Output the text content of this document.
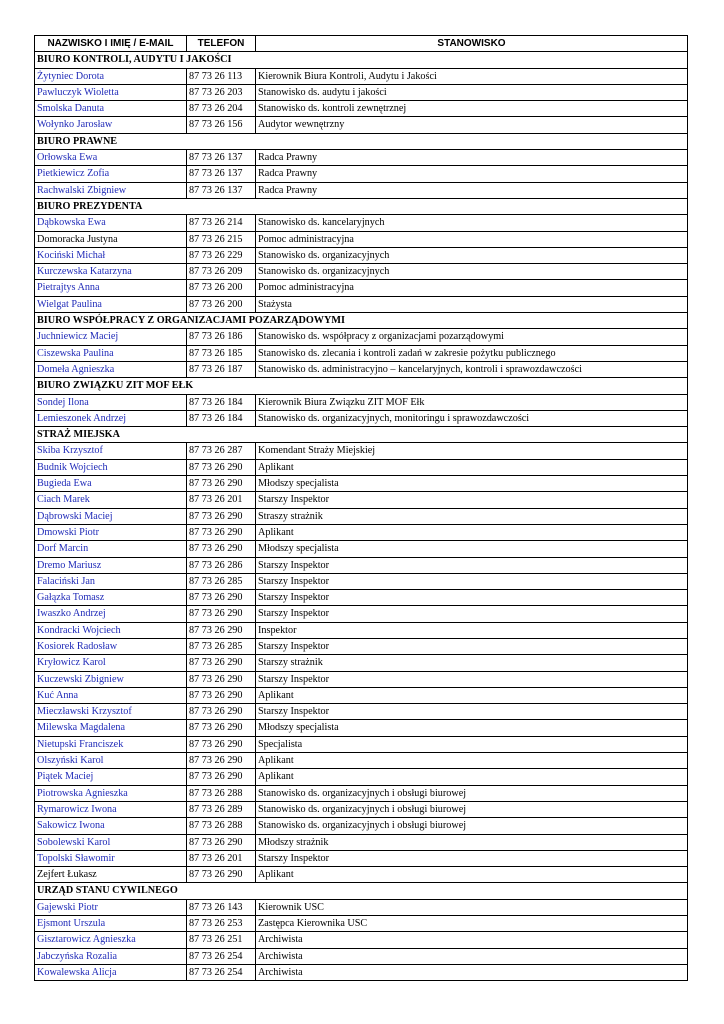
NAZWISKO I IMIĘ / E-MAIL	TELEFON	STANOWISKO
BIURO KONTROLI, AUDYTU I JAKOŚCI		
Żytyniec Dorota	87 73 26 113	Kierownik Biura Kontroli, Audytu i Jakości
Pawluczyk Wioletta	87 73 26 203	Stanowisko ds. audytu i jakości
Smolska Danuta	87 73 26 204	Stanowisko ds. kontroli zewnętrznej
Wołynko Jarosław	87 73 26 156	Audytor wewnętrzny
BIURO PRAWNE		
Orłowska Ewa	87 73 26 137	Radca Prawny
Pietkiewicz Zofia	87 73 26 137	Radca Prawny
Rachwalski Zbigniew	87 73 26 137	Radca Prawny
BIURO PREZYDENTA		
Dąbkowska Ewa	87 73 26 214	Stanowisko ds. kancelaryjnych
Domoracka Justyna	87 73 26 215	Pomoc administracyjna
Kociński Michał	87 73 26 229	Stanowisko ds. organizacyjnych
Kurczewska Katarzyna	87 73 26 209	Stanowisko ds. organizacyjnych
Pietrajtys Anna	87 73 26 200	Pomoc administracyjna
Wielgat Paulina	87 73 26 200	Stażysta
BIURO WSPÓŁPRACY Z ORGANIZACJAMI POZARZĄDOWYMI		
Juchniewicz Maciej	87 73 26 186	Stanowisko ds. współpracy z organizacjami pozarządowymi
Ciszewska Paulina	87 73 26 185	Stanowisko ds. zlecania i kontroli zadań w zakresie pożytku publicznego
Domeła Agnieszka	87 73 26 187	Stanowisko ds. administracyjno – kancelaryjnych, kontroli i sprawozdawczości
BIURO ZWIĄZKU ZIT MOF EŁK		
Sondej Ilona	87 73 26 184	Kierownik Biura Związku ZIT MOF Ełk
Lemieszonek Andrzej	87 73 26 184	Stanowisko ds. organizacyjnych, monitoringu i sprawozdawczości
STRAŻ MIEJSKA		
Skiba Krzysztof	87 73 26 287	Komendant Straży Miejskiej
Budnik Wojciech	87 73 26 290	Aplikant
Bugieda Ewa	87 73 26 290	Młodszy specjalista
Ciach Marek	87 73 26 201	Starszy Inspektor
Dąbrowski Maciej	87 73 26 290	Straszy strażnik
Dmowski Piotr	87 73 26 290	Aplikant
Dorf Marcin	87 73 26 290	Młodszy specjalista
Dremo Mariusz	87 73 26 286	Starszy Inspektor
Falaciński Jan	87 73 26 285	Starszy Inspektor
Gałązka Tomasz	87 73 26 290	Starszy Inspektor
Iwaszko Andrzej	87 73 26 290	Starszy Inspektor
Kondracki Wojciech	87 73 26 290	Inspektor
Kosiorek Radosław	87 73 26 285	Starszy Inspektor
Kryłowicz Karol	87 73 26 290	Starszy strażnik
Kuczewski Zbigniew	87 73 26 290	Starszy Inspektor
Kuć Anna	87 73 26 290	Aplikant
Mieczławski Krzysztof	87 73 26 290	Starszy Inspektor
Milewska Magdalena	87 73 26 290	Młodszy specjalista
Nietupski Franciszek	87 73 26 290	Specjalista
Olszyński Karol	87 73 26 290	Aplikant
Piątek Maciej	87 73 26 290	Aplikant
Piotrowska Agnieszka	87 73 26 288	Stanowisko ds. organizacyjnych i obsługi biurowej
Rymarowicz Iwona	87 73 26 289	Stanowisko ds. organizacyjnych i obsługi biurowej
Sakowicz Iwona	87 73 26 288	Stanowisko ds. organizacyjnych i obsługi biurowej
Sobolewski Karol	87 73 26 290	Młodszy strażnik
Topolski Sławomir	87 73 26 201	Starszy Inspektor
Zejfert Łukasz	87 73 26 290	Aplikant
URZĄD STANU CYWILNEGO		
Gajewski Piotr	87 73 26 143	Kierownik USC
Ejsmont Urszula	87 73 26 253	Zastępca Kierownika USC
Gisztarowicz Agnieszka	87 73 26 251	Archiwista
Jabczyńska Rozalia	87 73 26 254	Archiwista
Kowalewska Alicja	87 73 26 254	Archiwista
